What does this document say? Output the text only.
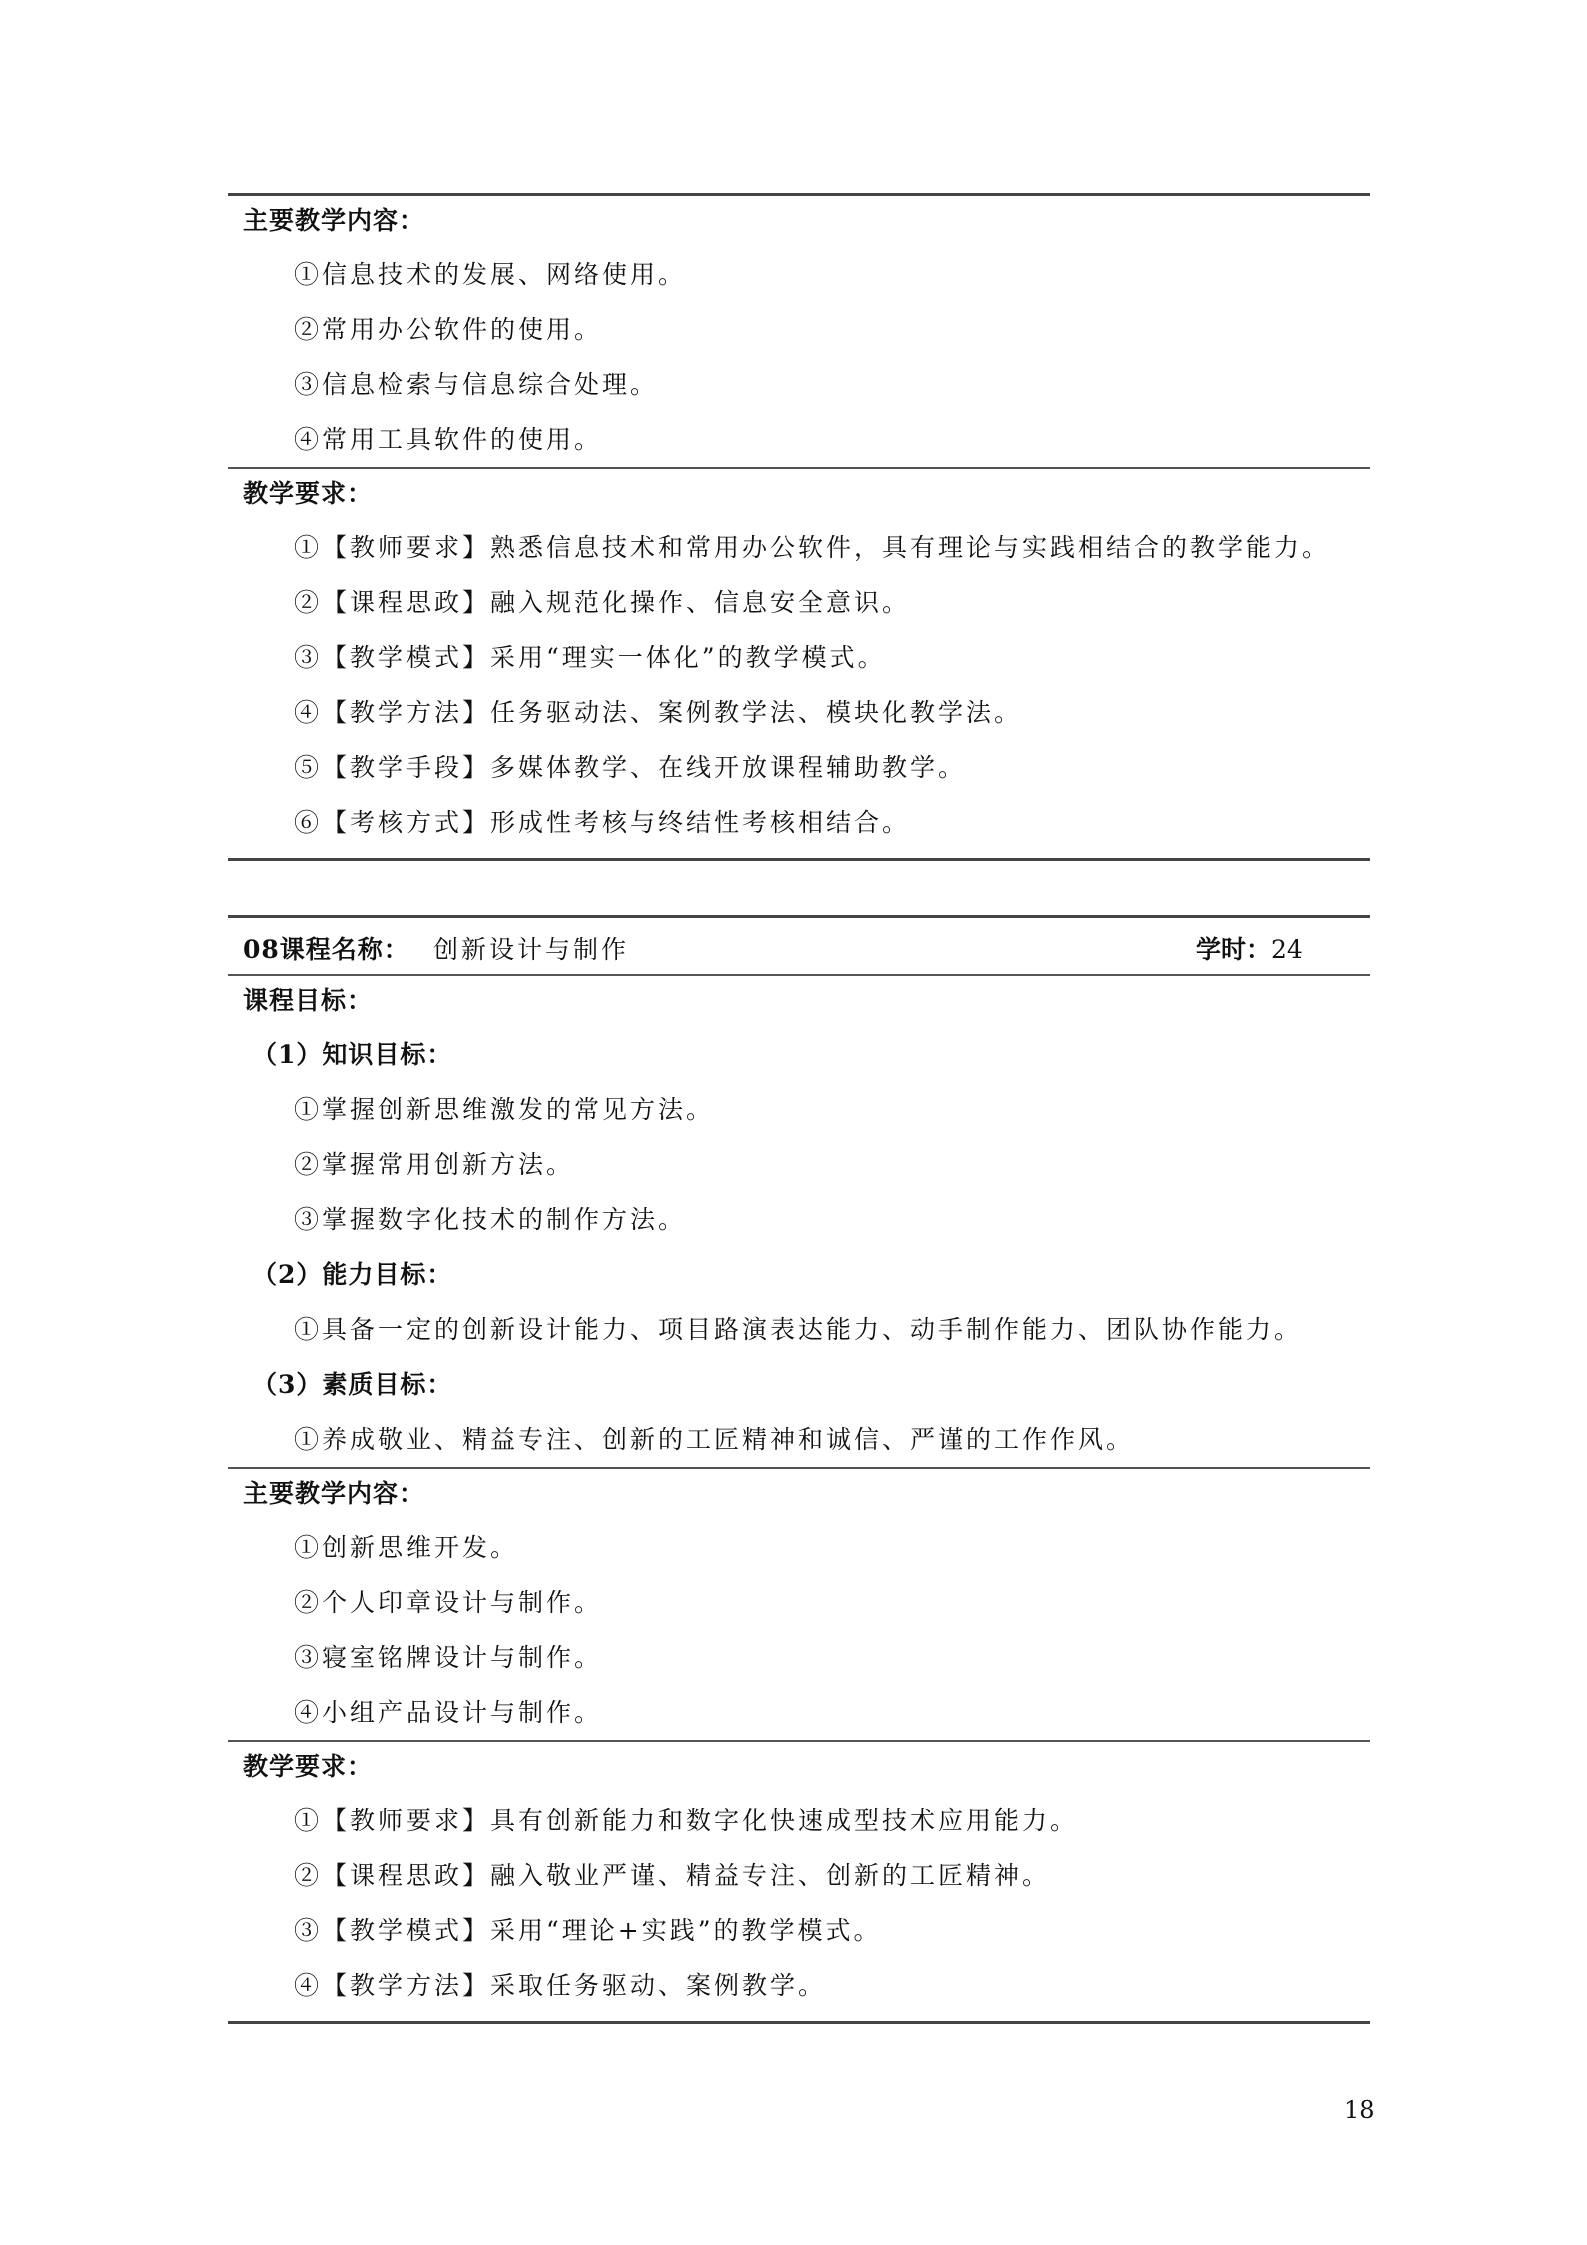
主要教学内容：
①信息技术的发展、网络使用。
②常用办公软件的使用。
③信息检索与信息综合处理。
④常用工具软件的使用。
教学要求：
①【教师要求】熟悉信息技术和常用办公软件，具有理论与实践相结合的教学能力。
②【课程思政】融入规范化操作、信息安全意识。
③【教学模式】采用“理实一体化”的教学模式。
④【教学方法】任务驱动法、案例教学法、模块化教学法。
⑤【教学手段】多媒体教学、在线开放课程辅助教学。
⑥【考核方式】形成性考核与终结性考核相结合。
08课程名称： 创新设计与制作	学时：24
课程目标：
（1）知识目标：
①掌握创新思维激发的常见方法。
②掌握常用创新方法。
③掌握数字化技术的制作方法。
（2）能力目标：
①具备一定的创新设计能力、项目路演表达能力、动手制作能力、团队协作能力。
（3）素质目标：
①养成敬业、精益专注、创新的工匠精神和诚信、严谨的工作作风。
主要教学内容：
①创新思维开发。
②个人印章设计与制作。
③寝室铭牌设计与制作。
④小组产品设计与制作。
教学要求：
①【教师要求】具有创新能力和数字化快速成型技术应用能力。
②【课程思政】融入敬业严谨、精益专注、创新的工匠精神。
③【教学模式】采用“理论+实践”的教学模式。
④【教学方法】采取任务驱动、案例教学。
18
